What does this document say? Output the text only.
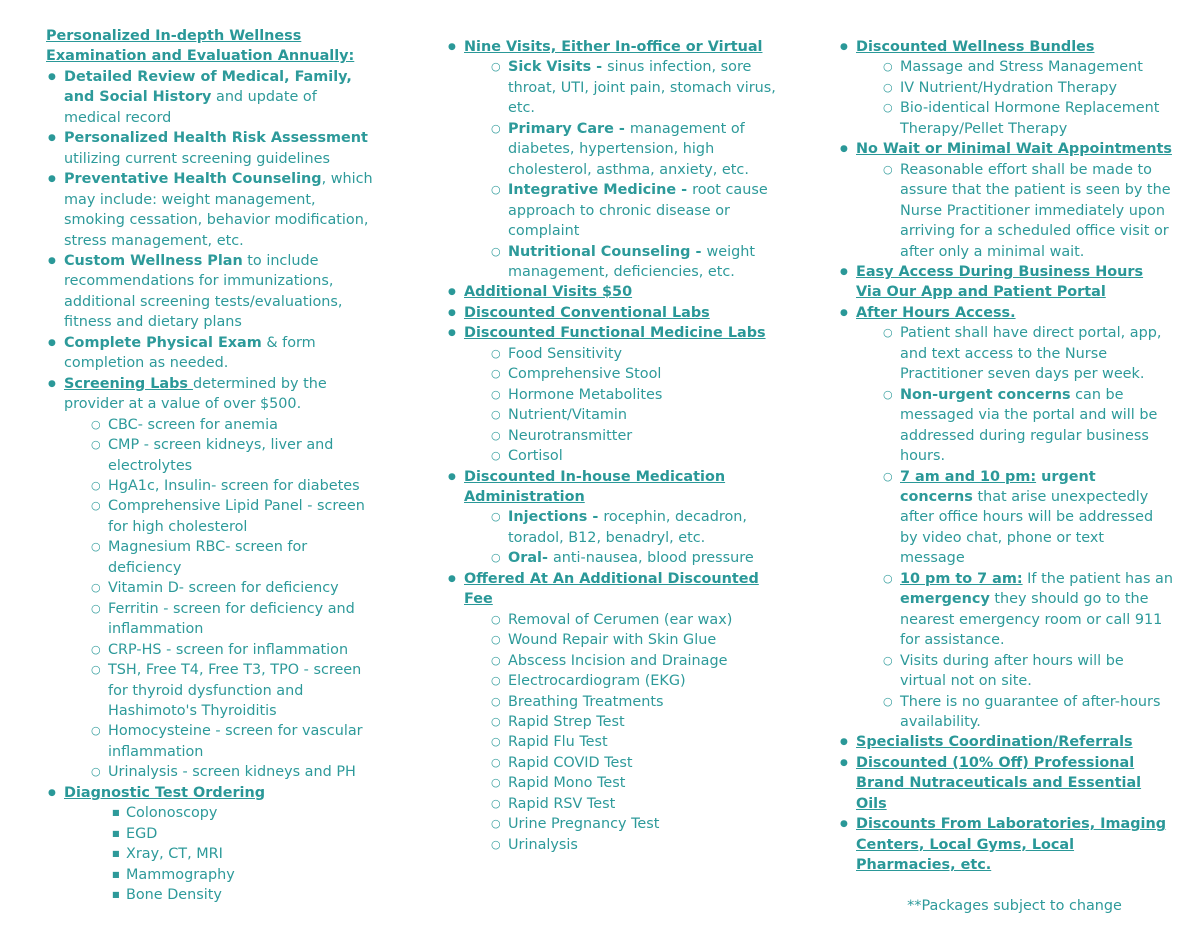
Personalized In-depth Wellness Examination and Evaluation Annually:
● Detailed Review of Medical, Family, and Social History and update of medical record
● Personalized Health Risk Assessment utilizing current screening guidelines
● Preventative Health Counseling, which may include: weight management, smoking cessation, behavior modification, stress management, etc.
● Custom Wellness Plan to include recommendations for immunizations, additional screening tests/evaluations, fitness and dietary plans
● Complete Physical Exam & form completion as needed.
● Screening Labs determined by the provider at a value of over $500.
○ CBC- screen for anemia
○ CMP - screen kidneys, liver and electrolytes
○ HgA1c, Insulin- screen for diabetes
○ Comprehensive Lipid Panel - screen for high cholesterol
○ Magnesium RBC- screen for deficiency
○ Vitamin D- screen for deficiency
○ Ferritin - screen for deficiency and inflammation
○ CRP-HS - screen for inflammation
○ TSH, Free T4, Free T3, TPO - screen for thyroid dysfunction and Hashimoto's Thyroiditis
○ Homocysteine - screen for vascular inflammation
○ Urinalysis - screen kidneys and PH
● Diagnostic Test Ordering
■ Colonoscopy
■ EGD
■ Xray, CT, MRI
■ Mammography
■ Bone Density
● Nine Visits, Either In-office or Virtual
○ Sick Visits - sinus infection, sore throat, UTI, joint pain, stomach virus, etc.
○ Primary Care - management of diabetes, hypertension, high cholesterol, asthma, anxiety, etc.
○ Integrative Medicine - root cause approach to chronic disease or complaint
○ Nutritional Counseling - weight management, deficiencies, etc.
● Additional Visits $50
● Discounted Conventional Labs
● Discounted Functional Medicine Labs
○ Food Sensitivity
○ Comprehensive Stool
○ Hormone Metabolites
○ Nutrient/Vitamin
○ Neurotransmitter
○ Cortisol
● Discounted In-house Medication Administration
○ Injections - rocephin, decadron, toradol, B12, benadryl, etc.
○ Oral- anti-nausea, blood pressure
● Offered At An Additional Discounted Fee
○ Removal of Cerumen (ear wax)
○ Wound Repair with Skin Glue
○ Abscess Incision and Drainage
○ Electrocardiogram (EKG)
○ Breathing Treatments
○ Rapid Strep Test
○ Rapid Flu Test
○ Rapid COVID Test
○ Rapid Mono Test
○ Rapid RSV Test
○ Urine Pregnancy Test
○ Urinalysis
● Discounted Wellness Bundles
○ Massage and Stress Management
○ IV Nutrient/Hydration Therapy
○ Bio-identical Hormone Replacement Therapy/Pellet Therapy
● No Wait or Minimal Wait Appointments
○ Reasonable effort shall be made to assure that the patient is seen by the Nurse Practitioner immediately upon arriving for a scheduled office visit or after only a minimal wait.
● Easy Access During Business Hours Via Our App and Patient Portal
● After Hours Access.
○ Patient shall have direct portal, app, and text access to the Nurse Practitioner seven days per week.
○ Non-urgent concerns can be messaged via the portal and will be addressed during regular business hours.
○ 7 am and 10 pm: urgent concerns that arise unexpectedly after office hours will be addressed by video chat, phone or text message
○ 10 pm to 7 am: If the patient has an emergency they should go to the nearest emergency room or call 911 for assistance.
○ Visits during after hours will be virtual not on site.
○ There is no guarantee of after-hours availability.
● Specialists Coordination/Referrals
● Discounted (10% Off) Professional Brand Nutraceuticals and Essential Oils
● Discounts From Laboratories, Imaging Centers, Local Gyms, Local Pharmacies, etc.
**Packages subject to change
